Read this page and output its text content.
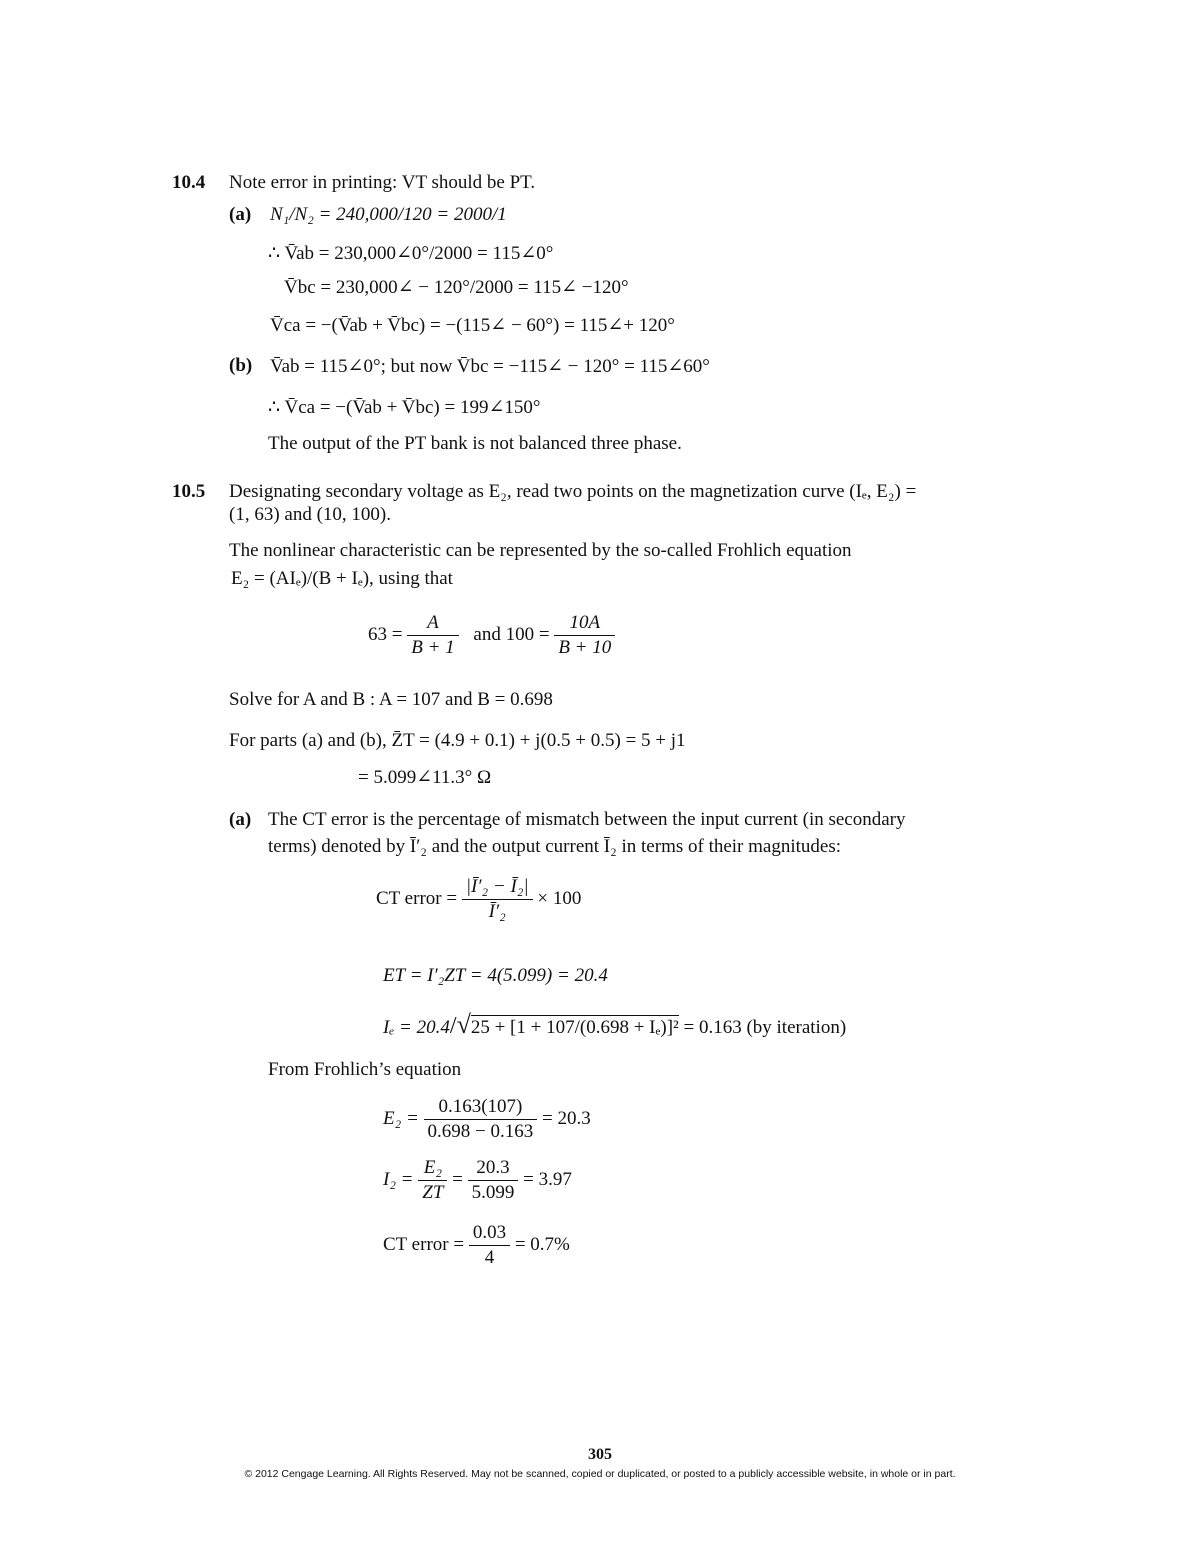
10.4 Note error in printing: VT should be PT.
(a) N₁/N₂ = 240,000/120 = 2000/1
∴ V̄ab = 230,000∠0°/2000 = 115∠0°
V̄bc = 230,000∠ − 120°/2000 = 115∠ −120°
V̄ca = −(V̄ab + V̄bc) = −(115∠ − 60°) = 115∠+ 120°
(b) V̄ab = 115∠0°; but now V̄bc = −115∠ − 120° = 115∠60°
∴ V̄ca = −(V̄ab + V̄bc) = 199∠150°
The output of the PT bank is not balanced three phase.
10.5 Designating secondary voltage as E₂, read two points on the magnetization curve (Iₑ, E₂) =
(1, 63) and (10, 100).
The nonlinear characteristic can be represented by the so-called Frohlich equation
E₂ = (AIₑ)/(B + Iₑ), using that
$63 = \frac{A}{B + 1}$ and $100 = \frac{10A}{B + 10}$
Solve for A and B : A = 107 and B = 0.698
For parts (a) and (b), Z̄T = (4.9 + 0.1) + j(0.5 + 0.5) = 5 + j1
= 5.099∠11.3° Ω
(a) The CT error is the percentage of mismatch between the input current (in secondary
terms) denoted by Ī′₂ and the output current Ī₂ in terms of their magnitudes:
CT error = $\frac{\text{|Ī′₂ − Ī₂|}}{\text{Ī′₂}} \times 100$
ET = I′₂ZT = 4(5.099) = 20.4
Iₑ = 20.4/√25 + [1 + 107/(0.698 + Iₑ)]² = 0.163 (by iteration)
From Frohlich’s equation
$E_2 = \frac{0.163(107)}{0.698 - 0.163} = 20.3$
$I_2 = \frac{\text{E₂}}{ZT} = \frac{20.3}{5.099} = 3.97$
CT error = $\frac{0.03}{4} = 0.7\%$
305
© 2012 Cengage Learning. All Rights Reserved. May not be scanned, copied or duplicated, or posted to a publicly accessible website, in whole or in part.
